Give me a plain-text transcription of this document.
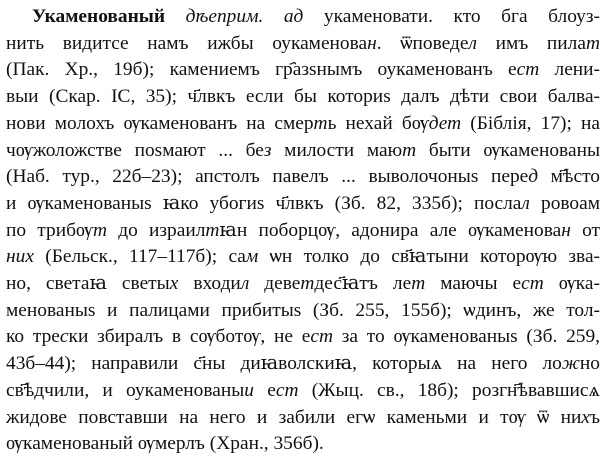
Укаменованый дѣеприм. ад укаменовати. кто бга блоуз-
нить видитсе намъ ижбы оукаменован. ѿповедел имъ пилат
(Пак. Хр., 19б); камениемъ гр҄азѕнымъ оукаменованъ ест лени-
выи (Скар. ІС, 35); ч҃лвкъ если бы коториѕ далъ дѣти свои балва-
нови молохъ ѹкаменованъ на смерть нехай бѹдет (Біблія, 17); на
чѹжоложстве поѕмают ... без милости мают быти ѹкаменованы
(Наб. тур., 22б–23); апстолъ павелъ ... выволочоныѕ перед м҃ѣсто
и ѹкаменованыѕ ꙗко убогиѕ ч҃лвкъ (Зб. 82, 335б); послал ровоам
по трибѹт до израилтꙗн поборцѹ, адонира але ѹкаменован от
них (Бельск., 117–117б); сам ѡн толко до св҃ꙗтыни которѹю зва-
но, светаꙗ светых входил деветдес҃ꙗтъ лет маючы ест ѹка-
менованыѕ и палицами прибитыѕ (Зб. 255, 155б); ѡдинъ, же тол-
ко трески збиралъ в сѹботѹ, не ест за то ѹкаменованыѕ (Зб. 259,
43б–44); направили с҃ны диꙗволскиꙗ, которыѧ на него ложно
св҃ѣдчили, и оукаменованыи ест (Жыц. св., 18б); розгн҃ѣвавшисѧ
жидове повставши на него и забили егѡ каменьми и тѹ ѿ нихъ
ѹкаменованый ѹмерлъ (Хран., 356б).
